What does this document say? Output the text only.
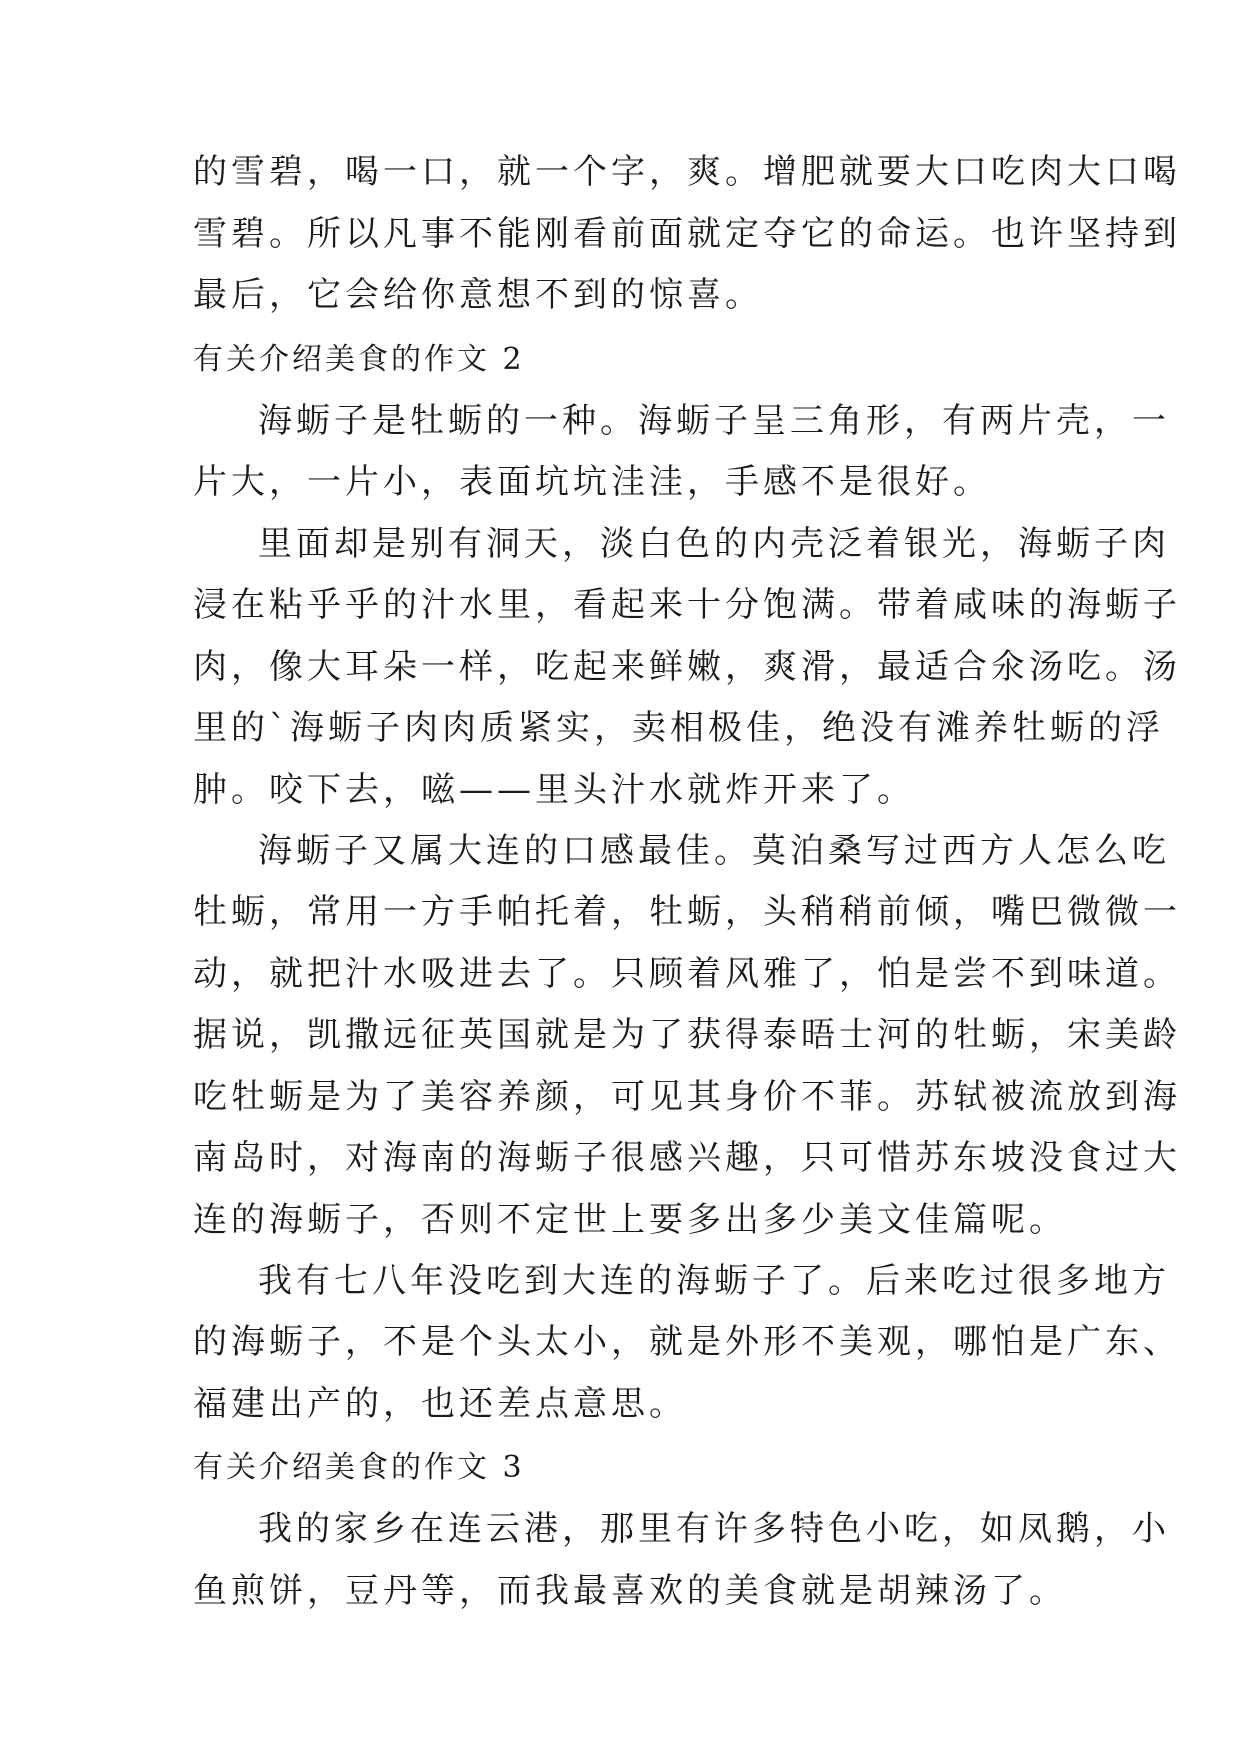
的雪碧，喝一口，就一个字，爽。增肥就要大口吃肉大口喝
雪碧。所以凡事不能刚看前面就定夺它的命运。也许坚持到
最后，它会给你意想不到的惊喜。
有关介绍美食的作文 2
海蛎子是牡蛎的一种。海蛎子呈三角形，有两片壳，一
片大，一片小，表面坑坑洼洼，手感不是很好。
里面却是别有洞天，淡白色的内壳泛着银光，海蛎子肉
浸在粘乎乎的汁水里，看起来十分饱满。带着咸味的海蛎子
肉，像大耳朵一样，吃起来鲜嫩，爽滑，最适合氽汤吃。汤
里的`海蛎子肉肉质紧实，卖相极佳，绝没有滩养牡蛎的浮
肿。咬下去，嗞——里头汁水就炸开来了。
海蛎子又属大连的口感最佳。莫泊桑写过西方人怎么吃
牡蛎，常用一方手帕托着，牡蛎，头稍稍前倾，嘴巴微微一
动，就把汁水吸进去了。只顾着风雅了，怕是尝不到味道。
据说，凯撒远征英国就是为了获得泰晤士河的牡蛎，宋美龄
吃牡蛎是为了美容养颜，可见其身价不菲。苏轼被流放到海
南岛时，对海南的海蛎子很感兴趣，只可惜苏东坡没食过大
连的海蛎子，否则不定世上要多出多少美文佳篇呢。
我有七八年没吃到大连的海蛎子了。后来吃过很多地方
的海蛎子，不是个头太小，就是外形不美观，哪怕是广东、
福建出产的，也还差点意思。
有关介绍美食的作文 3
我的家乡在连云港，那里有许多特色小吃，如凤鹅，小
鱼煎饼，豆丹等，而我最喜欢的美食就是胡辣汤了。
